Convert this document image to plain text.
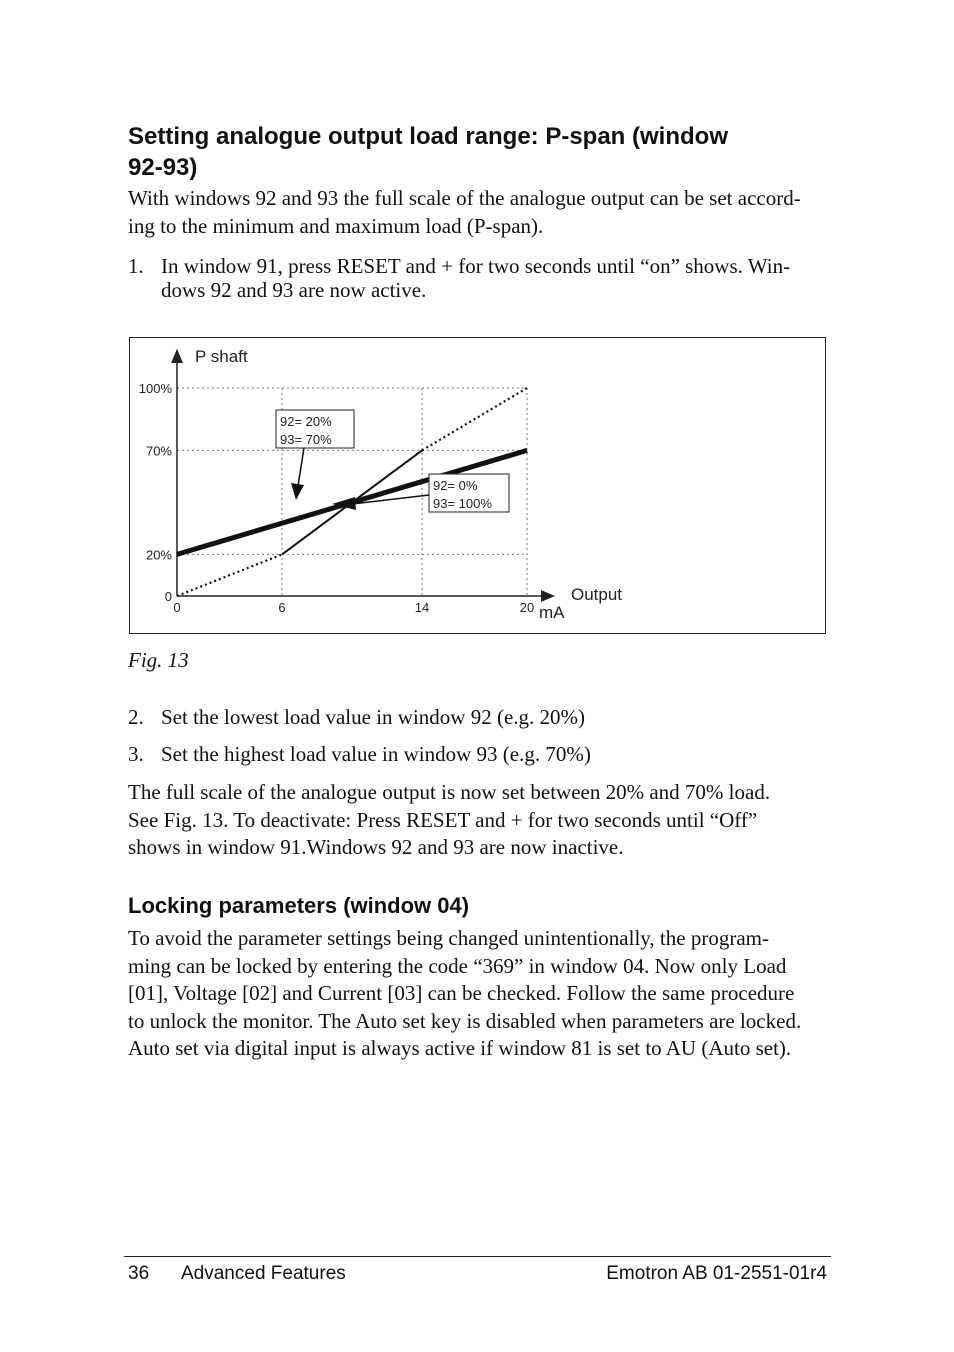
Setting analogue output load range: P-span (window
92-93)
With windows 92 and 93 the full scale of the analogue output can be set accord-
ing to the minimum and maximum load (P-span).
1. In window 91, press RESET and + for two seconds until “on” shows. Win-
dows 92 and 93 are now active.
P shaft
Output
mA
0	6	14	20
0
20%
70%
100%
92= 20%
93= 70%
92= 0%
93= 100%
Fig. 13
2. Set the lowest load value in window 92 (e.g. 20%)
3. Set the highest load value in window 93 (e.g. 70%)
The full scale of the analogue output is now set between 20% and 70% load.
See Fig. 13. To deactivate: Press RESET and + for two seconds until “Off”
shows in window 91.Windows 92 and 93 are now inactive.
Locking parameters (window 04)
To avoid the parameter settings being changed unintentionally, the program-
ming can be locked by entering the code “369” in window 04. Now only Load
[01], Voltage [02] and Current [03] can be checked. Follow the same procedure
to unlock the monitor. The Auto set key is disabled when parameters are locked.
Auto set via digital input is always active if window 81 is set to AU (Auto set).
36 Advanced Features	Emotron AB 01-2551-01r4
